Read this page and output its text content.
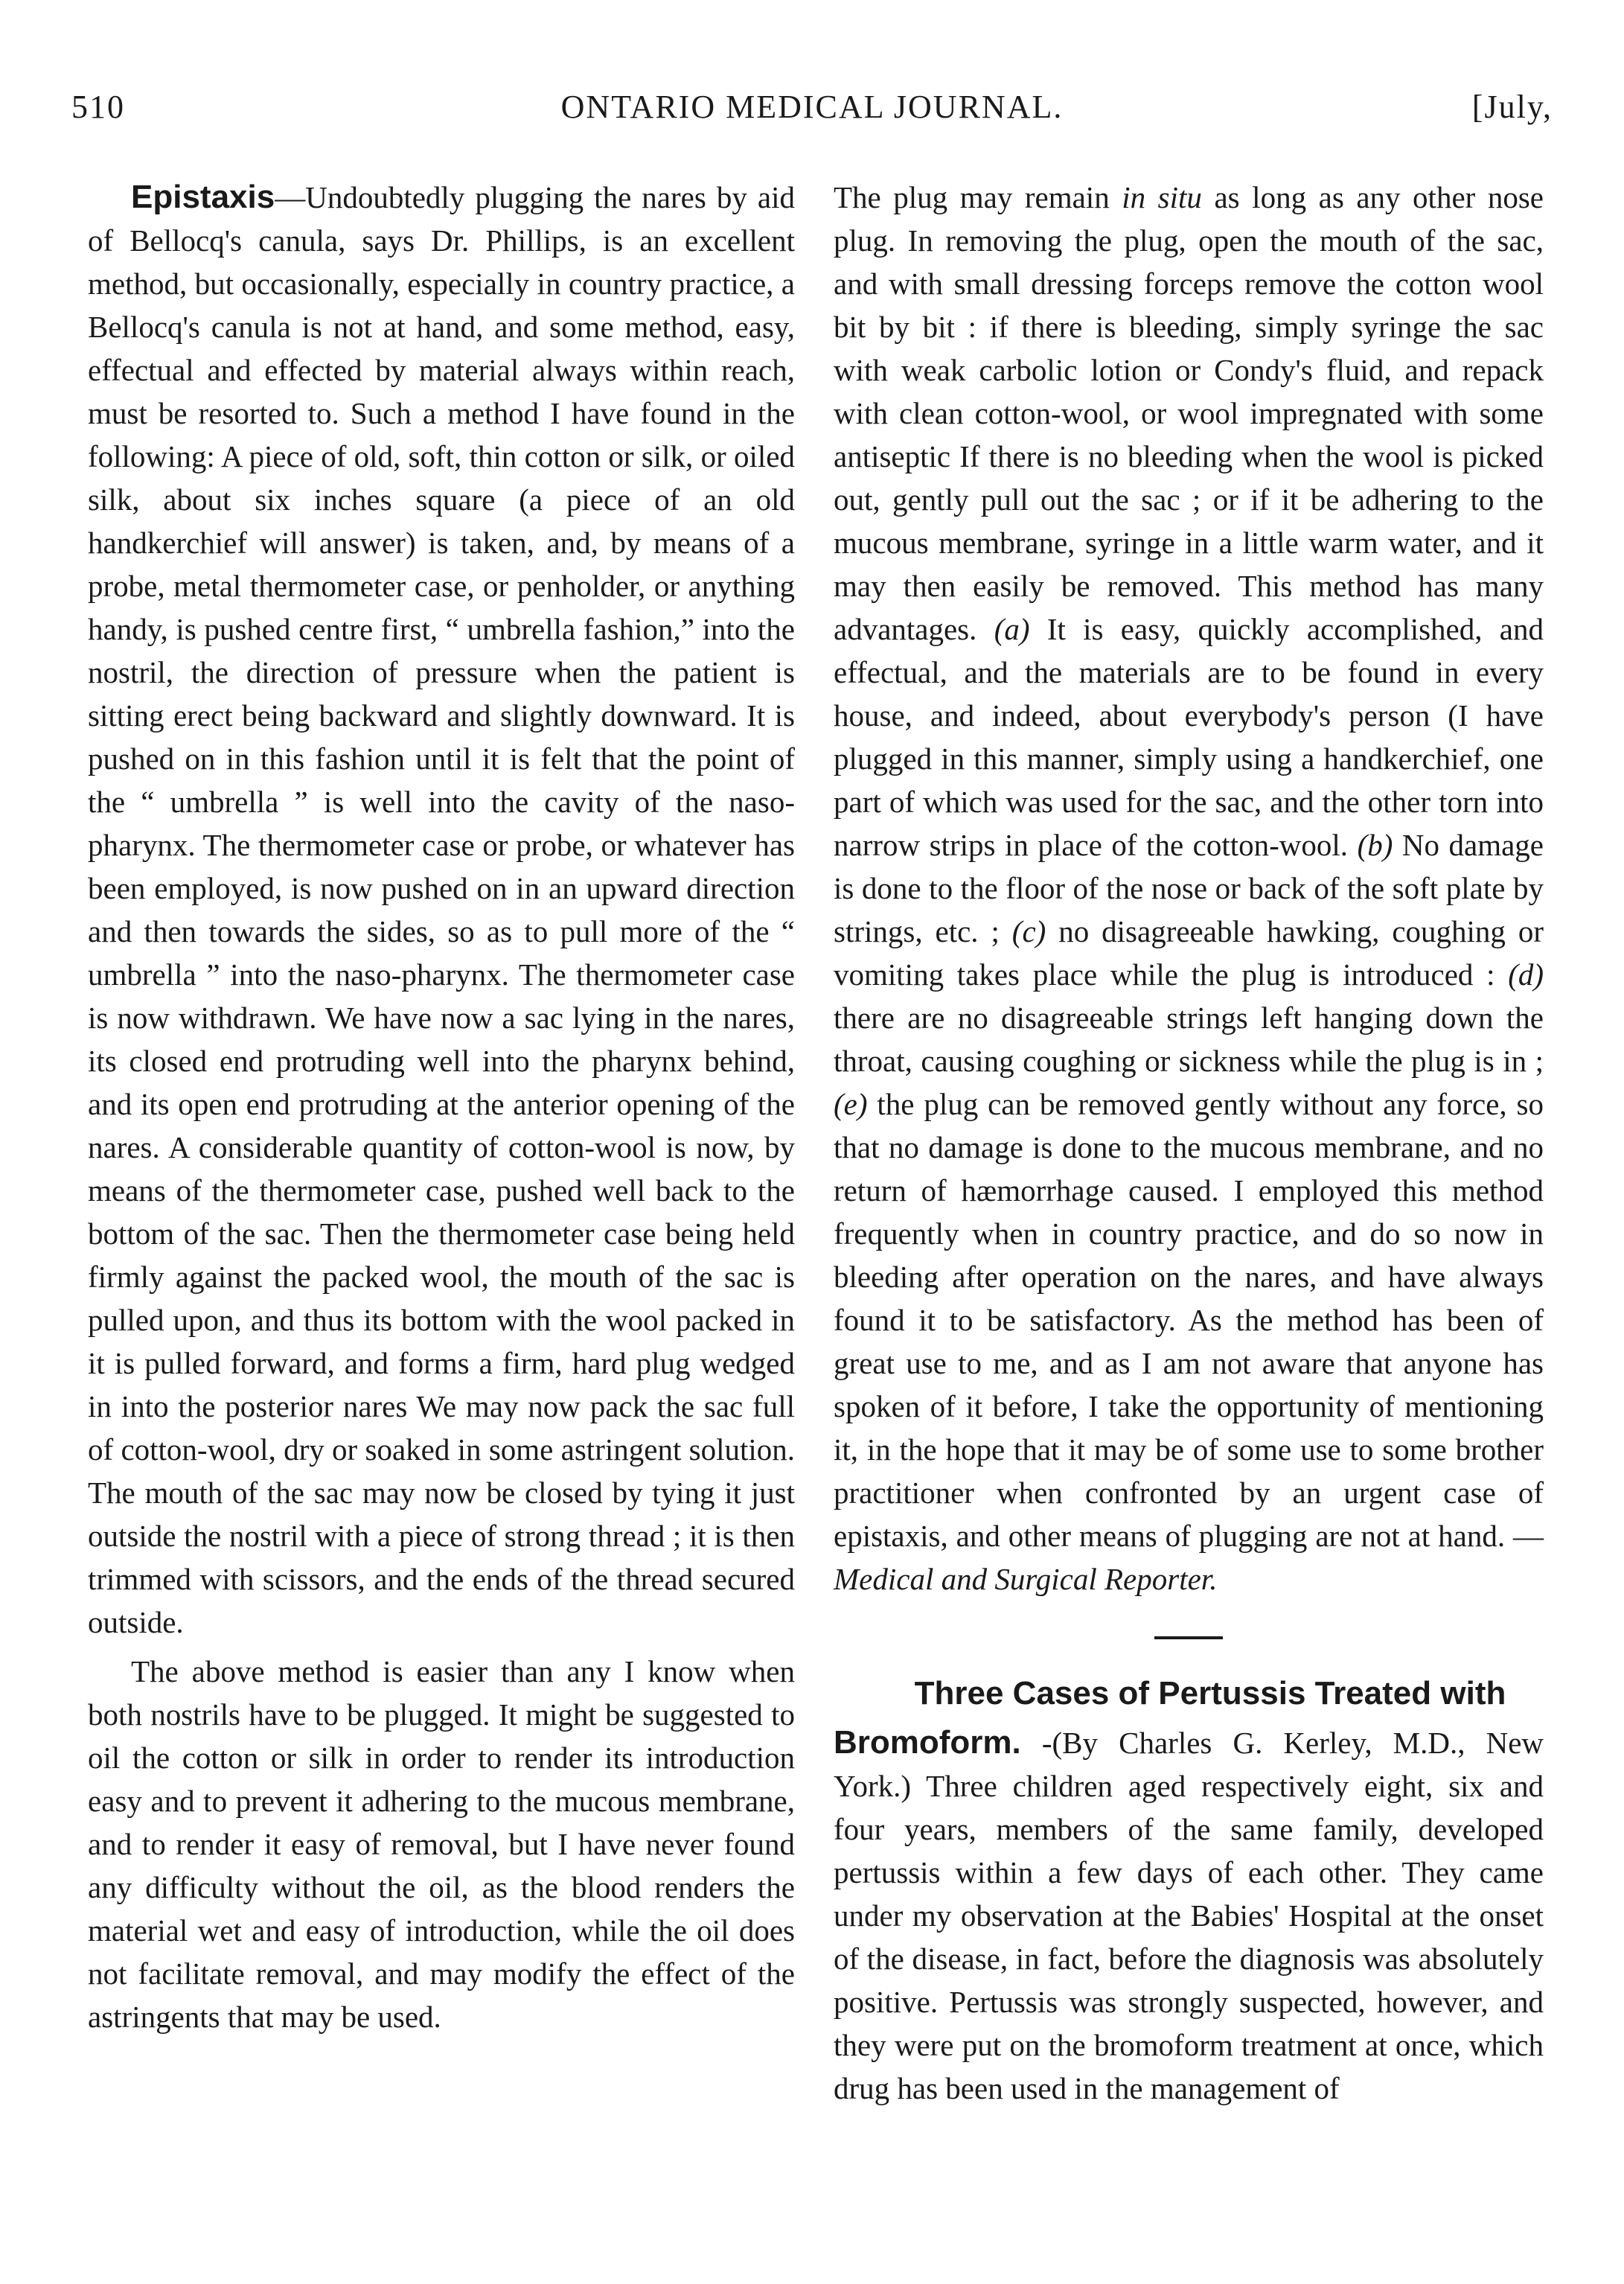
510	ONTARIO MEDICAL JOURNAL.	[July,

Epistaxis—Undoubtedly plugging the nares by aid of Bellocq's canula, says Dr. Phillips, is an excellent method, but occasionally, especially in country practice, a Bellocq's canula is not at hand, and some method, easy, effectual and effected by material always within reach, must be resorted to. Such a method I have found in the following: A piece of old, soft, thin cotton or silk, or oiled silk, about six inches square (a piece of an old handkerchief will answer) is taken, and, by means of a probe, metal thermometer case, or penholder, or anything handy, is pushed centre first, “ umbrella fashion,” into the nostril, the direction of pressure when the patient is sitting erect being backward and slightly downward. It is pushed on in this fashion until it is felt that the point of the “ umbrella ” is well into the cavity of the naso-pharynx. The thermometer case or probe, or whatever has been employed, is now pushed on in an upward direction and then towards the sides, so as to pull more of the “ umbrella ” into the naso-pharynx. The thermometer case is now withdrawn. We have now a sac lying in the nares, its closed end protruding well into the pharynx behind, and its open end protruding at the anterior opening of the nares. A considerable quantity of cotton-wool is now, by means of the thermometer case, pushed well back to the bottom of the sac. Then the thermometer case being held firmly against the packed wool, the mouth of the sac is pulled upon, and thus its bottom with the wool packed in it is pulled forward, and forms a firm, hard plug wedged in into the posterior nares We may now pack the sac full of cotton-wool, dry or soaked in some astringent solution. The mouth of the sac may now be closed by tying it just outside the nostril with a piece of strong thread ; it is then trimmed with scissors, and the ends of the thread secured outside.

The above method is easier than any I know when both nostrils have to be plugged. It might be suggested to oil the cotton or silk in order to render its introduction easy and to prevent it adhering to the mucous membrane, and to render it easy of removal, but I have never found any difficulty without the oil, as the blood renders the material wet and easy of introduction, while the oil does not facilitate removal, and may modify the effect of the astringents that may be used.

The plug may remain in situ as long as any other nose plug. In removing the plug, open the mouth of the sac, and with small dressing forceps remove the cotton wool bit by bit : if there is bleeding, simply syringe the sac with weak carbolic lotion or Condy's fluid, and repack with clean cotton-wool, or wool impregnated with some antiseptic If there is no bleeding when the wool is picked out, gently pull out the sac ; or if it be adhering to the mucous membrane, syringe in a little warm water, and it may then easily be removed. This method has many advantages. (a) It is easy, quickly accomplished, and effectual, and the materials are to be found in every house, and indeed, about everybody's person (I have plugged in this manner, simply using a handkerchief, one part of which was used for the sac, and the other torn into narrow strips in place of the cotton-wool. (b) No damage is done to the floor of the nose or back of the soft plate by strings, etc. ; (c) no disagreeable hawking, coughing or vomiting takes place while the plug is introduced : (d) there are no disagreeable strings left hanging down the throat, causing coughing or sickness while the plug is in ; (e) the plug can be removed gently without any force, so that no damage is done to the mucous membrane, and no return of hæmorrhage caused. I employed this method frequently when in country practice, and do so now in bleeding after operation on the nares, and have always found it to be satisfactory. As the method has been of great use to me, and as I am not aware that anyone has spoken of it before, I take the opportunity of mentioning it, in the hope that it may be of some use to some brother practitioner when confronted by an urgent case of epistaxis, and other means of plugging are not at hand. —Medical and Surgical Reporter.

Three Cases of Pertussis Treated with

Bromoform. -(By Charles G. Kerley, M.D., New York.) Three children aged respectively eight, six and four years, members of the same family, developed pertussis within a few days of each other. They came under my observation at the Babies' Hospital at the onset of the disease, in fact, before the diagnosis was absolutely positive. Pertussis was strongly suspected, however, and they were put on the bromoform treatment at once, which drug has been used in the management of
